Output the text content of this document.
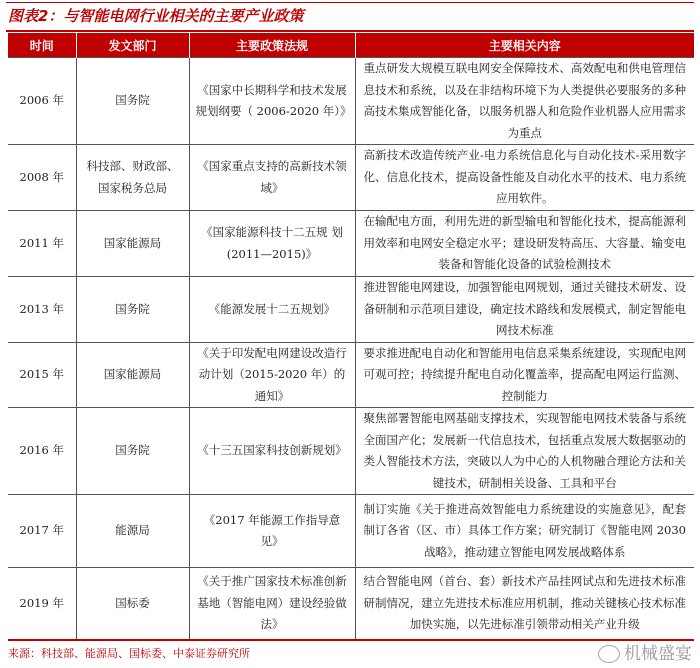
图表2：与智能电网行业相关的主要产业政策
时间	发文部门	主要政策法规	主要相关内容
2006 年	国务院	《国家中长期科学和技术发展规划纲要（ 2006-2020 年）》	重点研发大规模互联电网安全保障技术、高效配电和供电管理信息技术和系统，以及在非结构环境下为人类提供必要服务的多种高技术集成智能化备，以服务机器人和危险作业机器人应用需求为重点
2008 年	科技部、财政部、国家税务总局	《国家重点支持的高新技术领域》	高新技术改造传统产业-电力系统信息化与自动化技术-采用数字化、信息化技术，提高设备性能及自动化水平的技术、电力系统应用软件。
2011 年	国家能源局	《国家能源科技十二五规 划(2011—2015)》	在输配电方面，利用先进的新型输电和智能化技术，提高能源利用效率和电网安全稳定水平；建设研发特高压、大容量、输变电装备和智能化设备的试验检测技术
2013 年	国务院	《能源发展十二五规划》	推进智能电网建设，加强智能电网规划，通过关键技术研发、设备研制和示范项目建设，确定技术路线和发展模式，制定智能电网技术标准
2015 年	国家能源局	《关于印发配电网建设改造行动计划（2015-2020 年）的通知》	要求推进配电自动化和智能用电信息采集系统建设，实现配电网可观可控；持续提升配电自动化覆盖率，提高配电网运行监测、控制能力
2016 年	国务院	《十三五国家科技创新规划》	聚焦部署智能电网基础支撑技术，实现智能电网技术装备与系统全面国产化；发展新一代信息技术，包括重点发展大数据驱动的类人智能技术方法，突破以人为中心的人机物融合理论方法和关键技术，研制相关设备、工具和平台
2017 年	能源局	《2017 年能源工作指导意见》	制订实施《关于推进高效智能电力系统建设的实施意见》，配套制订各省（区、市）具体工作方案；研究制订《智能电网 2030 战略》，推动建立智能电网发展战略体系
2019 年	国标委	《关于推广国家技术标准创新基地（智能电网）建设经验做法》	结合智能电网（首台、套）新技术产品挂网试点和先进技术标准研制情况，建立先进技术标准应用机制，推动关键核心技术标准加快实施，以先进标准引领带动相关产业升级
来源：科技部、能源局、国标委、中泰证券研究所	机械盛宴
